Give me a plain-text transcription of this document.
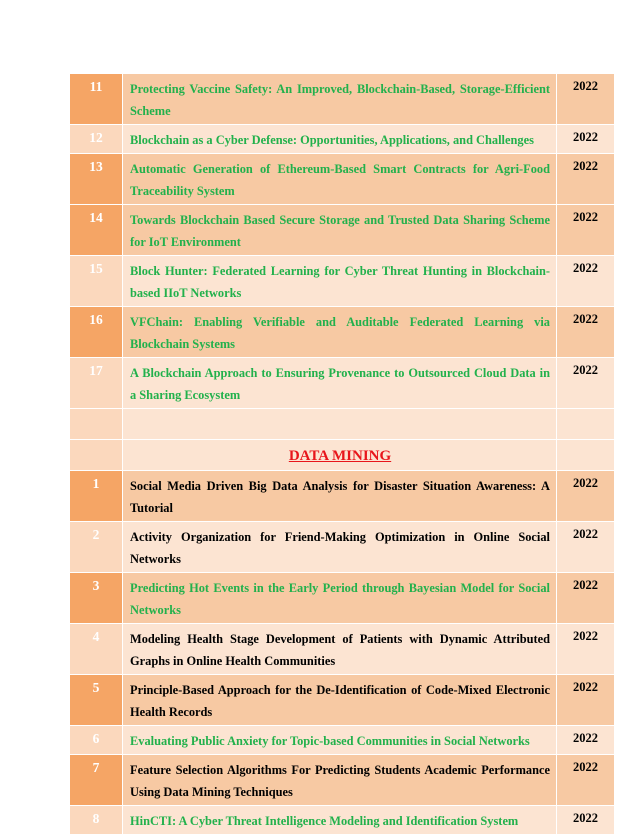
11	Protecting Vaccine Safety: An Improved, Blockchain-Based, Storage-Efficient Scheme	2022
12	Blockchain as a Cyber Defense: Opportunities, Applications, and Challenges	2022
13	Automatic Generation of Ethereum-Based Smart Contracts for Agri-Food Traceability System	2022
14	Towards Blockchain Based Secure Storage and Trusted Data Sharing Scheme for IoT Environment	2022
15	Block Hunter: Federated Learning for Cyber Threat Hunting in Blockchain-based IIoT Networks	2022
16	VFChain: Enabling Verifiable and Auditable Federated Learning via Blockchain Systems	2022
17	A Blockchain Approach to Ensuring Provenance to Outsourced Cloud Data in a Sharing Ecosystem	2022

	DATA MINING	

1	Social Media Driven Big Data Analysis for Disaster Situation Awareness: A Tutorial	2022
2	Activity Organization for Friend-Making Optimization in Online Social Networks	2022
3	Predicting Hot Events in the Early Period through Bayesian Model for Social Networks	2022
4	Modeling Health Stage Development of Patients with Dynamic Attributed Graphs in Online Health Communities	2022
5	Principle-Based Approach for the De-Identification of Code-Mixed Electronic Health Records	2022
6	Evaluating Public Anxiety for Topic-based Communities in Social Networks	2022
7	Feature Selection Algorithms For Predicting Students Academic Performance Using Data Mining Techniques	2022
8	HinCTI: A Cyber Threat Intelligence Modeling and Identification System	2022
